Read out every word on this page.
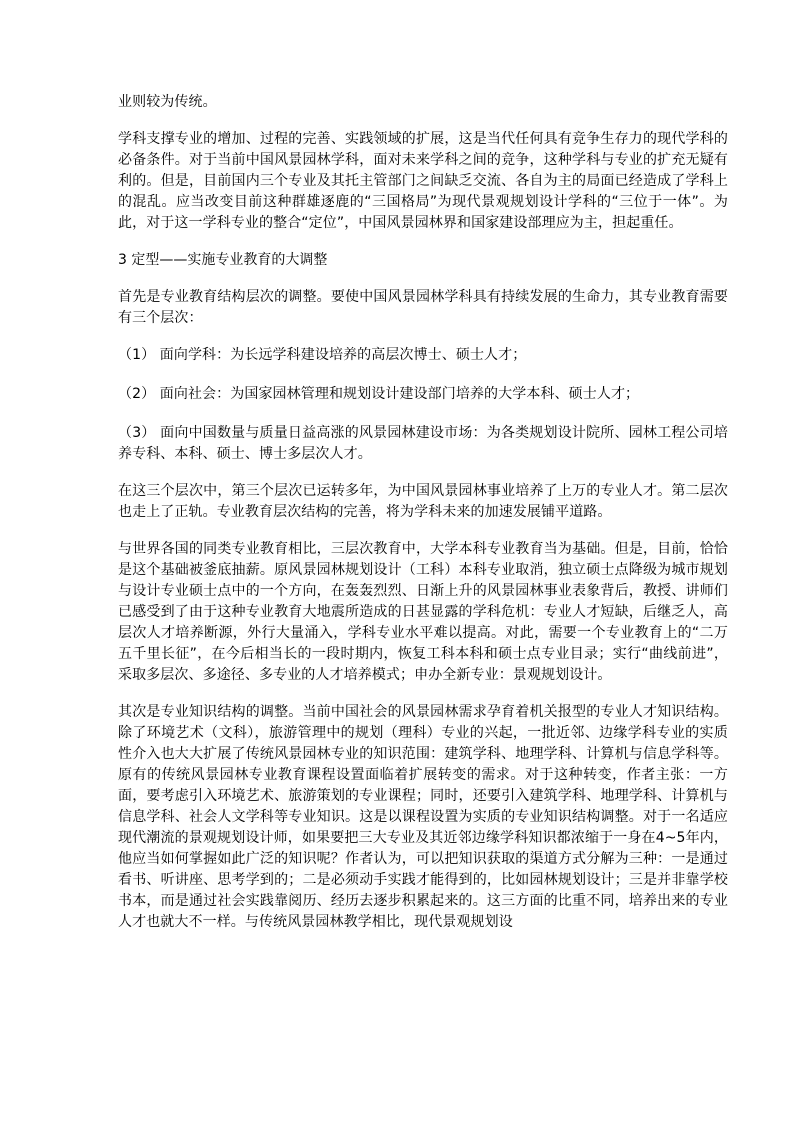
业则较为传统。

学科支撑专业的增加、过程的完善、实践领域的扩展，这是当代任何具有竞争生存力的现代学科的必备条件。对于当前中国风景园林学科，面对未来学科之间的竞争，这种学科与专业的扩充无疑有利的。但是，目前国内三个专业及其托主管部门之间缺乏交流、各自为主的局面已经造成了学科上的混乱。应当改变目前这种群雄逐鹿的“三国格局”为现代景观规划设计学科的“三位于一体”。为此，对于这一学科专业的整合“定位”，中国风景园林界和国家建设部理应为主，担起重任。

3 定型——实施专业教育的大调整

首先是专业教育结构层次的调整。要使中国风景园林学科具有持续发展的生命力，其专业教育需要有三个层次：

（1） 面向学科：为长远学科建设培养的高层次博士、硕士人才；

（2） 面向社会：为国家园林管理和规划设计建设部门培养的大学本科、硕士人才；

（3） 面向中国数量与质量日益高涨的风景园林建设市场：为各类规划设计院所、园林工程公司培养专科、本科、硕士、博士多层次人才。

在这三个层次中，第三个层次已运转多年，为中国风景园林事业培养了上万的专业人才。第二层次也走上了正轨。专业教育层次结构的完善，将为学科未来的加速发展铺平道路。

与世界各国的同类专业教育相比，三层次教育中，大学本科专业教育当为基础。但是，目前，恰恰是这个基础被釜底抽薪。原风景园林规划设计（工科）本科专业取消，独立硕士点降级为城市规划与设计专业硕士点中的一个方向，在轰轰烈烈、日渐上升的风景园林事业表象背后，教授、讲师们已感受到了由于这种专业教育大地震所造成的日甚显露的学科危机：专业人才短缺，后继乏人，高层次人才培养断源，外行大量涌入，学科专业水平难以提高。对此，需要一个专业教育上的“二万五千里长征”，在今后相当长的一段时期内，恢复工科本科和硕士点专业目录；实行“曲线前进”，采取多层次、多途径、多专业的人才培养模式；申办全新专业：景观规划设计。

其次是专业知识结构的调整。当前中国社会的风景园林需求孕育着机关报型的专业人才知识结构。除了环境艺术（文科），旅游管理中的规划（理科）专业的兴起，一批近邻、边缘学科专业的实质性介入也大大扩展了传统风景园林专业的知识范围：建筑学科、地理学科、计算机与信息学科等。原有的传统风景园林专业教育课程设置面临着扩展转变的需求。对于这种转变，作者主张：一方面，要考虑引入环境艺术、旅游策划的专业课程；同时，还要引入建筑学科、地理学科、计算机与信息学科、社会人文学科等专业知识。这是以课程设置为实质的专业知识结构调整。对于一名适应现代潮流的景观规划设计师，如果要把三大专业及其近邻边缘学科知识都浓缩于一身在4~5年内，他应当如何掌握如此广泛的知识呢？作者认为，可以把知识获取的渠道方式分解为三种：一是通过看书、听讲座、思考学到的；二是必须动手实践才能得到的，比如园林规划设计；三是并非靠学校书本，而是通过社会实践靠阅历、经历去逐步积累起来的。这三方面的比重不同，培养出来的专业人才也就大不一样。与传统风景园林教学相比，现代景观规划设
